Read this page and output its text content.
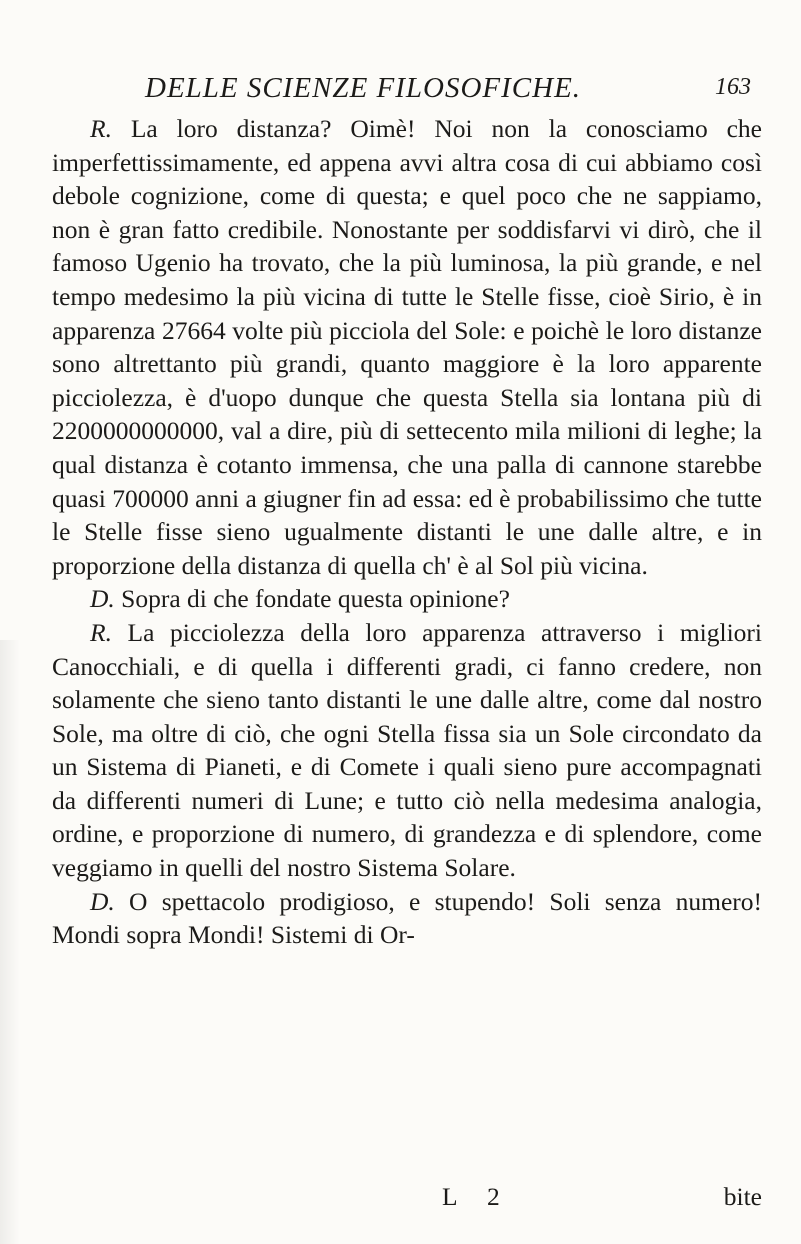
DELLE SCIENZE FILOSOFICHE.	163

R. La loro distanza? Oimè! Noi non la conosciamo che imperfettissimamente, ed appena avvi altra cosa di cui abbiamo così debole cognizione, come di questa; e quel poco che ne sappiamo, non è gran fatto credibile. Nonostante per soddisfarvi vi dirò, che il famoso Ugenio ha trovato, che la più luminosa, la più grande, e nel tempo medesimo la più vicina di tutte le Stelle fisse, cioè Sirio, è in apparenza 27664 volte più picciola del Sole: e poichè le loro distanze sono altrettanto più grandi, quanto maggiore è la loro apparente picciolezza, è d'uopo dunque che questa Stella sia lontana più di 2200000000000, val a dire, più di settecento mila milioni di leghe; la qual distanza è cotanto immensa, che una palla di cannone starebbe quasi 700000 anni a giugner fin ad essa: ed è probabilissimo che tutte le Stelle fisse sieno ugualmente distanti le une dalle altre, e in proporzione della distanza di quella ch' è al Sol più vicina.

D. Sopra di che fondate questa opinione?

R. La picciolezza della loro apparenza attraverso i migliori Canocchiali, e di quella i differenti gradi, ci fanno credere, non solamente che sieno tanto distanti le une dalle altre, come dal nostro Sole, ma oltre di ciò, che ogni Stella fissa sia un Sole circondato da un Sistema di Pianeti, e di Comete i quali sieno pure accompagnati da differenti numeri di Lune; e tutto ciò nella medesima analogia, ordine, e proporzione di numero, di grandezza e di splendore, come veggiamo in quelli del nostro Sistema Solare.

D. O spettacolo prodigioso, e stupendo! Soli senza numero! Mondi sopra Mondi! Sistemi di Or-

L 2	bite
